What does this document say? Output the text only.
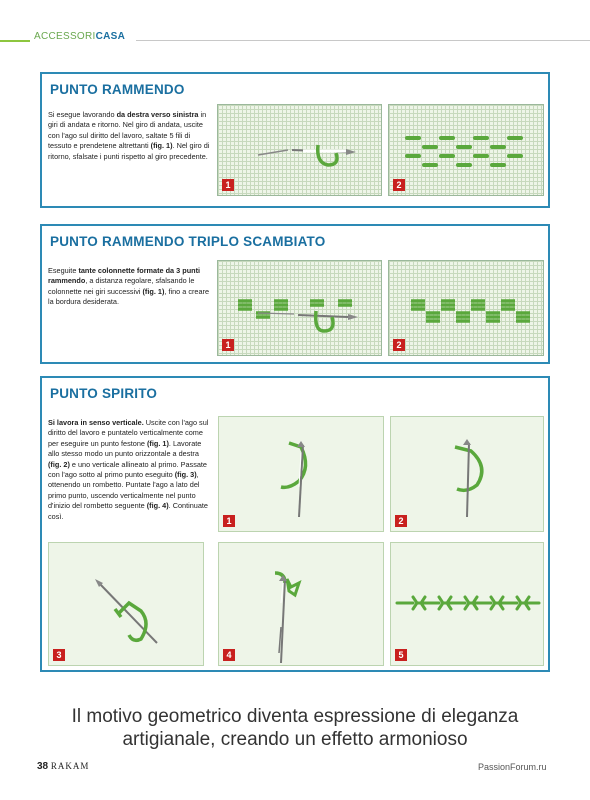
ACCESSORICASA
PUNTO RAMMENDO
Si esegue lavorando da destra verso sinistra in giri di andata e ritorno. Nel giro di andata, uscite con l'ago sul diritto del lavoro, saltate 5 fili di tessuto e prendetene altrettanti (fig. 1). Nel giro di ritorno, sfalsate i punti rispetto al giro precedente.
1	2
PUNTO RAMMENDO TRIPLO SCAMBIATO
Eseguite tante colonnette formate da 3 punti rammendo, a distanza regolare, sfalsando le colonnette nei giri successivi (fig. 1), fino a creare la bordura desiderata.
1	2
PUNTO SPIRITO
Si lavora in senso verticale. Uscite con l'ago sul diritto del lavoro e puntatelo verticalmente come per eseguire un punto festone (fig. 1). Lavorate allo stesso modo un punto orizzontale a destra (fig. 2) e uno verticale allineato al primo. Passate con l'ago sotto al primo punto eseguito (fig. 3), ottenendo un rombetto. Puntate l'ago a lato del primo punto, uscendo verticalmente nel punto d'inizio del rombetto seguente (fig. 4). Continuate così.	1	2
3	4	5
Il motivo geometrico diventa espressione di eleganza
artigianale, creando un effetto armonioso
38 RAKAM	PassionForum.ru
